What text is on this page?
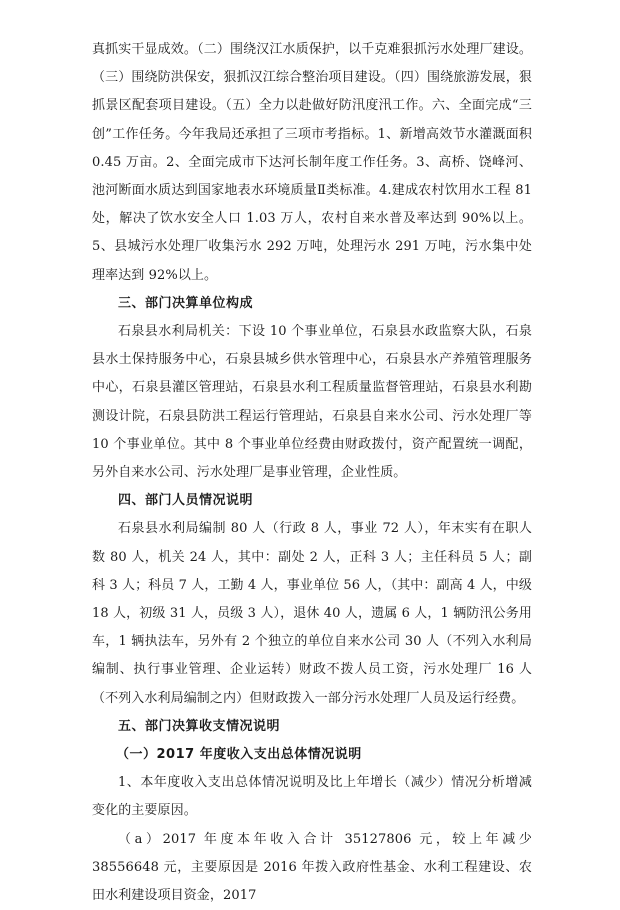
真抓实干显成效。（二）围绕汉江水质保护，以千克难狠抓污水处理厂建设。（三）围绕防洪保安，狠抓汉江综合整治项目建设。（四）围绕旅游发展，狠抓景区配套项目建设。（五）全力以赴做好防汛度汛工作。六、全面完成“三创”工作任务。今年我局还承担了三项市考指标。1、新增高效节水灌溉面积 0.45 万亩。2、全面完成市下达河长制年度工作任务。3、高桥、饶峰河、池河断面水质达到国家地表水环境质量Ⅱ类标准。4.建成农村饮用水工程 81 处，解决了饮水安全人口 1.03 万人，农村自来水普及率达到 90%以上。5、县城污水处理厂收集污水 292 万吨，处理污水 291 万吨，污水集中处理率达到 92%以上。

三、部门决算单位构成

石泉县水利局机关：下设 10 个事业单位，石泉县水政监察大队，石泉县水土保持服务中心，石泉县城乡供水管理中心，石泉县水产养殖管理服务中心，石泉县灌区管理站，石泉县水利工程质量监督管理站，石泉县水利勘测设计院，石泉县防洪工程运行管理站，石泉县自来水公司、污水处理厂等 10 个事业单位。其中 8 个事业单位经费由财政拨付，资产配置统一调配，另外自来水公司、污水处理厂是事业管理，企业性质。

四、部门人员情况说明

石泉县水利局编制 80 人（行政 8 人，事业 72 人），年末实有在职人数 80 人，机关 24 人，其中：副处 2 人，正科 3 人；主任科员 5 人；副科 3 人；科员 7 人，工勤 4 人，事业单位 56 人，（其中：副高 4 人，中级 18 人，初级 31 人，员级 3 人），退休 40 人，遗属 6 人，1 辆防汛公务用车，1 辆执法车，另外有 2 个独立的单位自来水公司 30 人（不列入水利局编制、执行事业管理、企业运转）财政不拨人员工资，污水处理厂 16 人（不列入水利局编制之内）但财政拨入一部分污水处理厂人员及运行经费。

五、部门决算收支情况说明
（一）2017 年度收入支出总体情况说明

1、本年度收入支出总体情况说明及比上年增长（减少）情况分析增减变化的主要原因。

（a）2017 年度本年收入合计 35127806 元，较上年减少 38556648 元，主要原因是 2016 年拨入政府性基金、水利工程建设、农田水利建设项目资金，2017
